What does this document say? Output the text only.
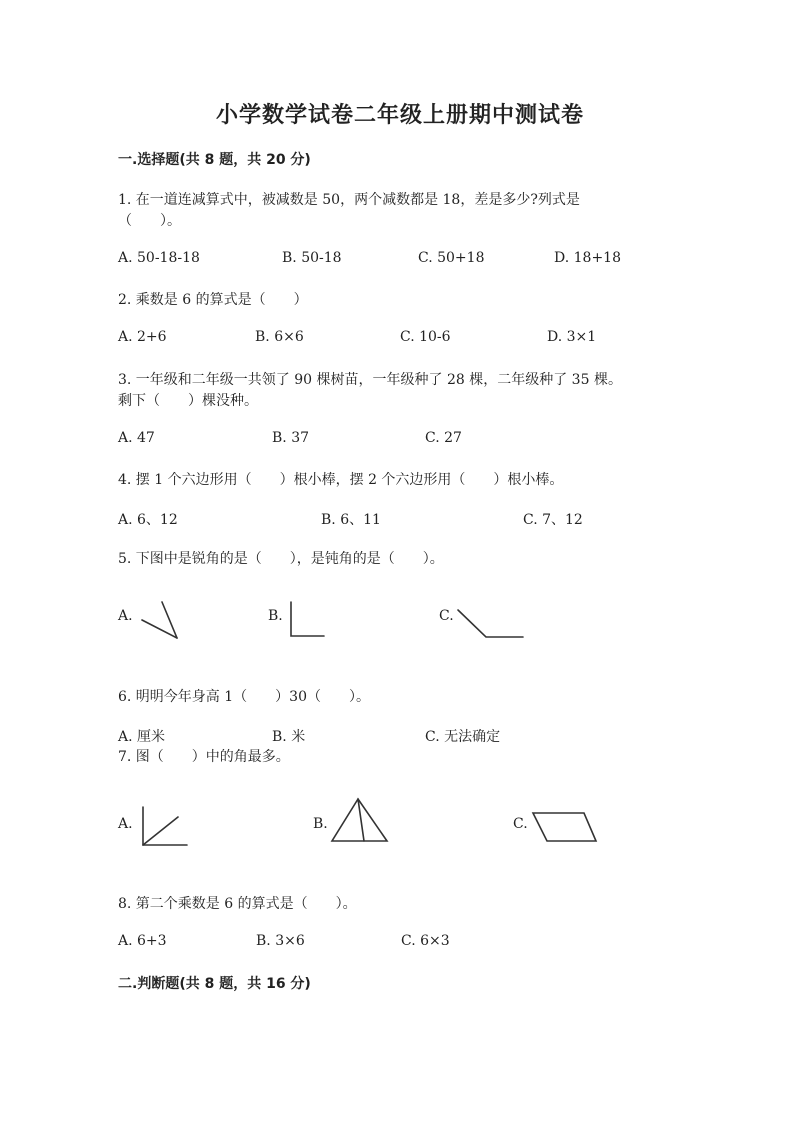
小学数学试卷二年级上册期中测试卷
一.选择题(共 8 题，共 20 分)
1. 在一道连减算式中，被减数是 50，两个减数都是 18，差是多少?列式是
（　　）。
A. 50-18-18	B. 50-18	C. 50+18	D. 18+18
2. 乘数是 6 的算式是（　　）
A. 2+6	B. 6×6	C. 10-6	D. 3×1
3. 一年级和二年级一共领了 90 棵树苗，一年级种了 28 棵，二年级种了 35 棵。
剩下（　　）棵没种。
A. 47	B. 37	C. 27
4. 摆 1 个六边形用（　　）根小棒，摆 2 个六边形用（　　）根小棒。
A. 6、12	B. 6、11	C. 7、12
5. 下图中是锐角的是（　　），是钝角的是（　　）。
A.	B.	C.
6. 明明今年身高 1（　　）30（　　）。
A. 厘米	B. 米	C. 无法确定
7. 图（　　）中的角最多。
A.	B.	C.
8. 第二个乘数是 6 的算式是（　　）。
A. 6+3	B. 3×6	C. 6×3
二.判断题(共 8 题，共 16 分)
